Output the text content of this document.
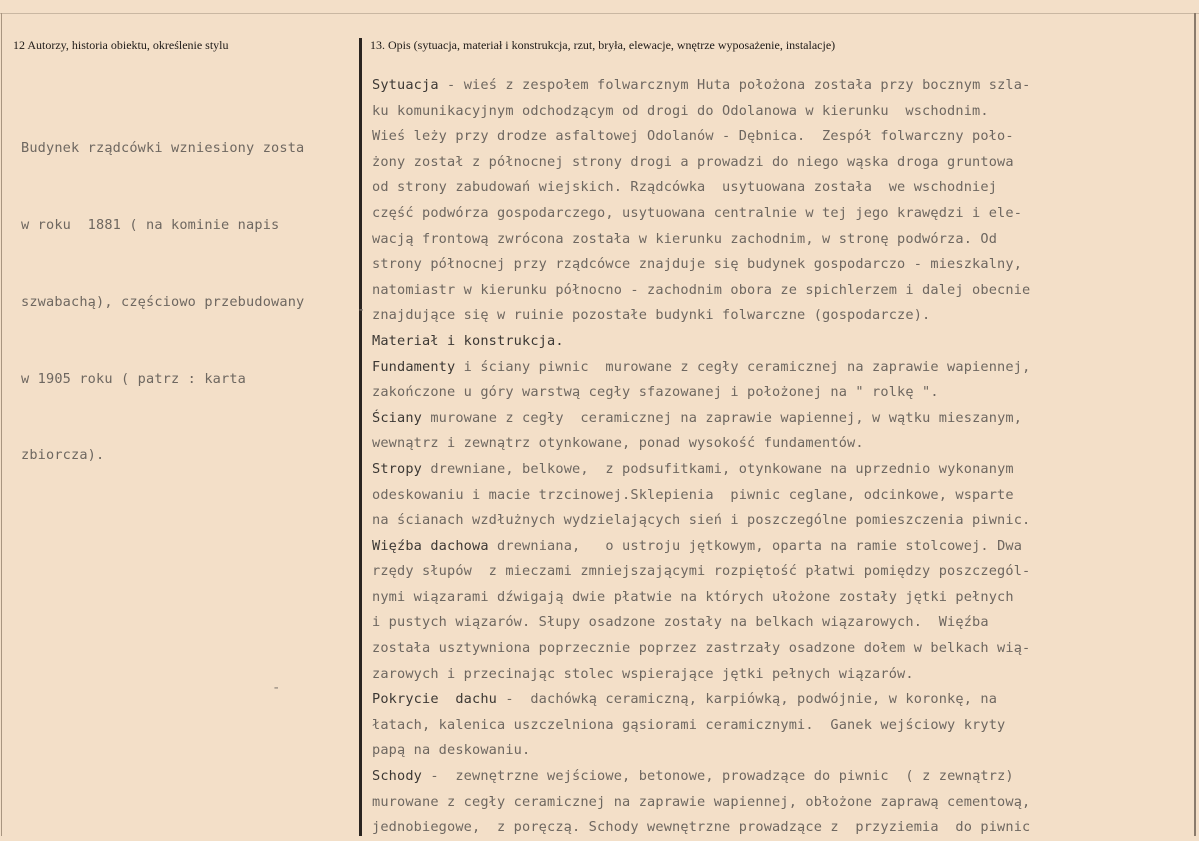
12 Autorzy, historia obiektu, określenie stylu	13. Opis (sytuacja, materiał i konstrukcja, rzut, bryła, elewacje, wnętrze wyposażenie, instalacje)

Budynek rządcówki wzniesiony zosta

w roku  1881 ( na kominie napis

szwabachą), częściowo przebudowany

w 1905 roku ( patrz : karta

zbiorcza).

Sytuacja - wieś z zespołem folwarcznym Huta położona została przy bocznym szla-
ku komunikacyjnym odchodzącym od drogi do Odolanowa w kierunku  wschodnim.
Wieś leży przy drodze asfaltowej Odolanów - Dębnica.  Zespół folwarczny poło-
żony został z północnej strony drogi a prowadzi do niego wąska droga gruntowa
od strony zabudowań wiejskich. Rządcówka  usytuowana została  we wschodniej
część podwórza gospodarczego, usytuowana centralnie w tej jego krawędzi i ele-
wacją frontową zwrócona została w kierunku zachodnim, w stronę podwórza. Od
strony północnej przy rządcówce znajduje się budynek gospodarczo - mieszkalny,
natomiastr w kierunku północno - zachodnim obora ze spichlerzem i dalej obecnie
znajdujące się w ruinie pozostałe budynki folwarczne (gospodarcze).
Materiał i konstrukcja.
Fundamenty i ściany piwnic  murowane z cegły ceramicznej na zaprawie wapiennej,
zakończone u góry warstwą cegły sfazowanej i położonej na " rolkę ".
Ściany murowane z cegły  ceramicznej na zaprawie wapiennej, w wątku mieszanym,
wewnątrz i zewnątrz otynkowane, ponad wysokość fundamentów.
Stropy drewniane, belkowe,  z podsufitkami, otynkowane na uprzednio wykonanym
odeskowaniu i macie trzcinowej.Sklepienia  piwnic ceglane, odcinkowe, wsparte
na ścianach wzdłużnych wydzielających sień i poszczególne pomieszczenia piwnic.
Więźba dachowa drewniana,   o ustroju jętkowym, oparta na ramie stolcowej. Dwa
rzędy słupów  z mieczami zmniejszającymi rozpiętość płatwi pomiędzy poszczegól-
nymi wiązarami dźwigają dwie płatwie na których ułożone zostały jętki pełnych
i pustych wiązarów. Słupy osadzone zostały na belkach wiązarowych.  Więźba
została usztywniona poprzecznie poprzez zastrzały osadzone dołem w belkach wią-
zarowych i przecinając stolec wspierające jętki pełnych wiązarów.
Pokrycie  dachu -  dachówką ceramiczną, karpiówką, podwójnie, w koronkę, na
łatach, kalenica uszczelniona gąsiorami ceramicznymi.  Ganek wejściowy kryty
papą na deskowaniu.
Schody -  zewnętrzne wejściowe, betonowe, prowadzące do piwnic  ( z zewnątrz)
murowane z cegły ceramicznej na zaprawie wapiennej, obłożone zaprawą cementową,
jednobiegowe,  z poręczą. Schody wewnętrzne prowadzące z  przyziemia  do piwnic
-
-
